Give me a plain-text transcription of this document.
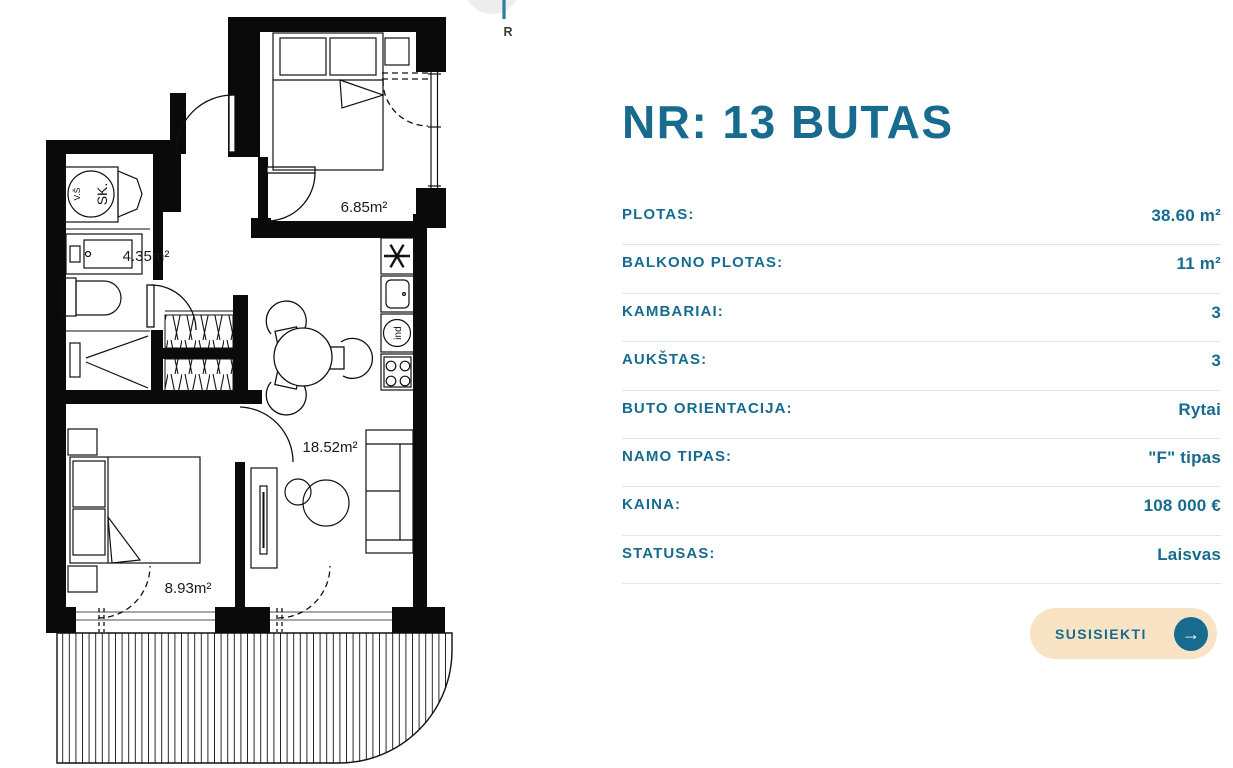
R
V.Š SK.
ind
6.85m²
4.35m²
18.52m²
8.93m²
NR: 13 BUTAS
PLOTAS:	38.60 m²
BALKONO PLOTAS:	11 m²
KAMBARIAI:	3
AUKŠTAS:	3
BUTO ORIENTACIJA:	Rytai
NAMO TIPAS:	"F" tipas
KAINA:	108 000 €
STATUSAS:	Laisvas
SUSISIEKTI	→
